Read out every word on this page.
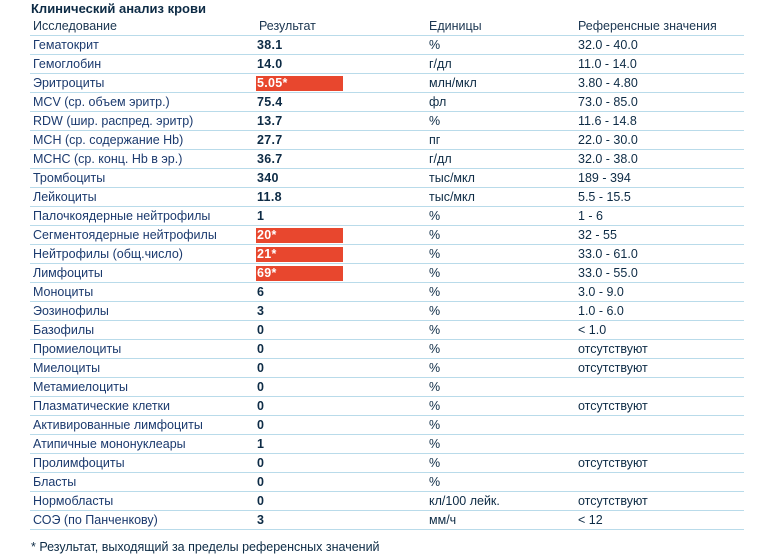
Клинический анализ крови
Исследование	Результат	Единицы	Референсные значения
Гематокрит	38.1	%	32.0 - 40.0
Гемоглобин	14.0	г/дл	11.0 - 14.0
Эритроциты	5.05*	млн/мкл	3.80 - 4.80
MCV (ср. объем эритр.)	75.4	фл	73.0 - 85.0
RDW (шир. распред. эритр)	13.7	%	11.6 - 14.8
MCH (ср. содержание Hb)	27.7	пг	22.0 - 30.0
MCHC (ср. конц. Hb в эр.)	36.7	г/дл	32.0 - 38.0
Тромбоциты	340	тыс/мкл	189 - 394
Лейкоциты	11.8	тыс/мкл	5.5 - 15.5
Палочкоядерные нейтрофилы	1	%	1 - 6
Сегментоядерные нейтрофилы	20*	%	32 - 55
Нейтрофилы (общ.число)	21*	%	33.0 - 61.0
Лимфоциты	69*	%	33.0 - 55.0
Моноциты	6	%	3.0 - 9.0
Эозинофилы	3	%	1.0 - 6.0
Базофилы	0	%	< 1.0
Промиелоциты	0	%	отсутствуют
Миелоциты	0	%	отсутствуют
Метамиелоциты	0	%	
Плазматические клетки	0	%	отсутствуют
Активированные лимфоциты	0	%	
Атипичные мононуклеары	1	%	
Пролимфоциты	0	%	отсутствуют
Бласты	0	%	
Нормобласты	0	кл/100 лейк.	отсутствуют
СОЭ (по Панченкову)	3	мм/ч	< 12
* Результат, выходящий за пределы референсных значений
